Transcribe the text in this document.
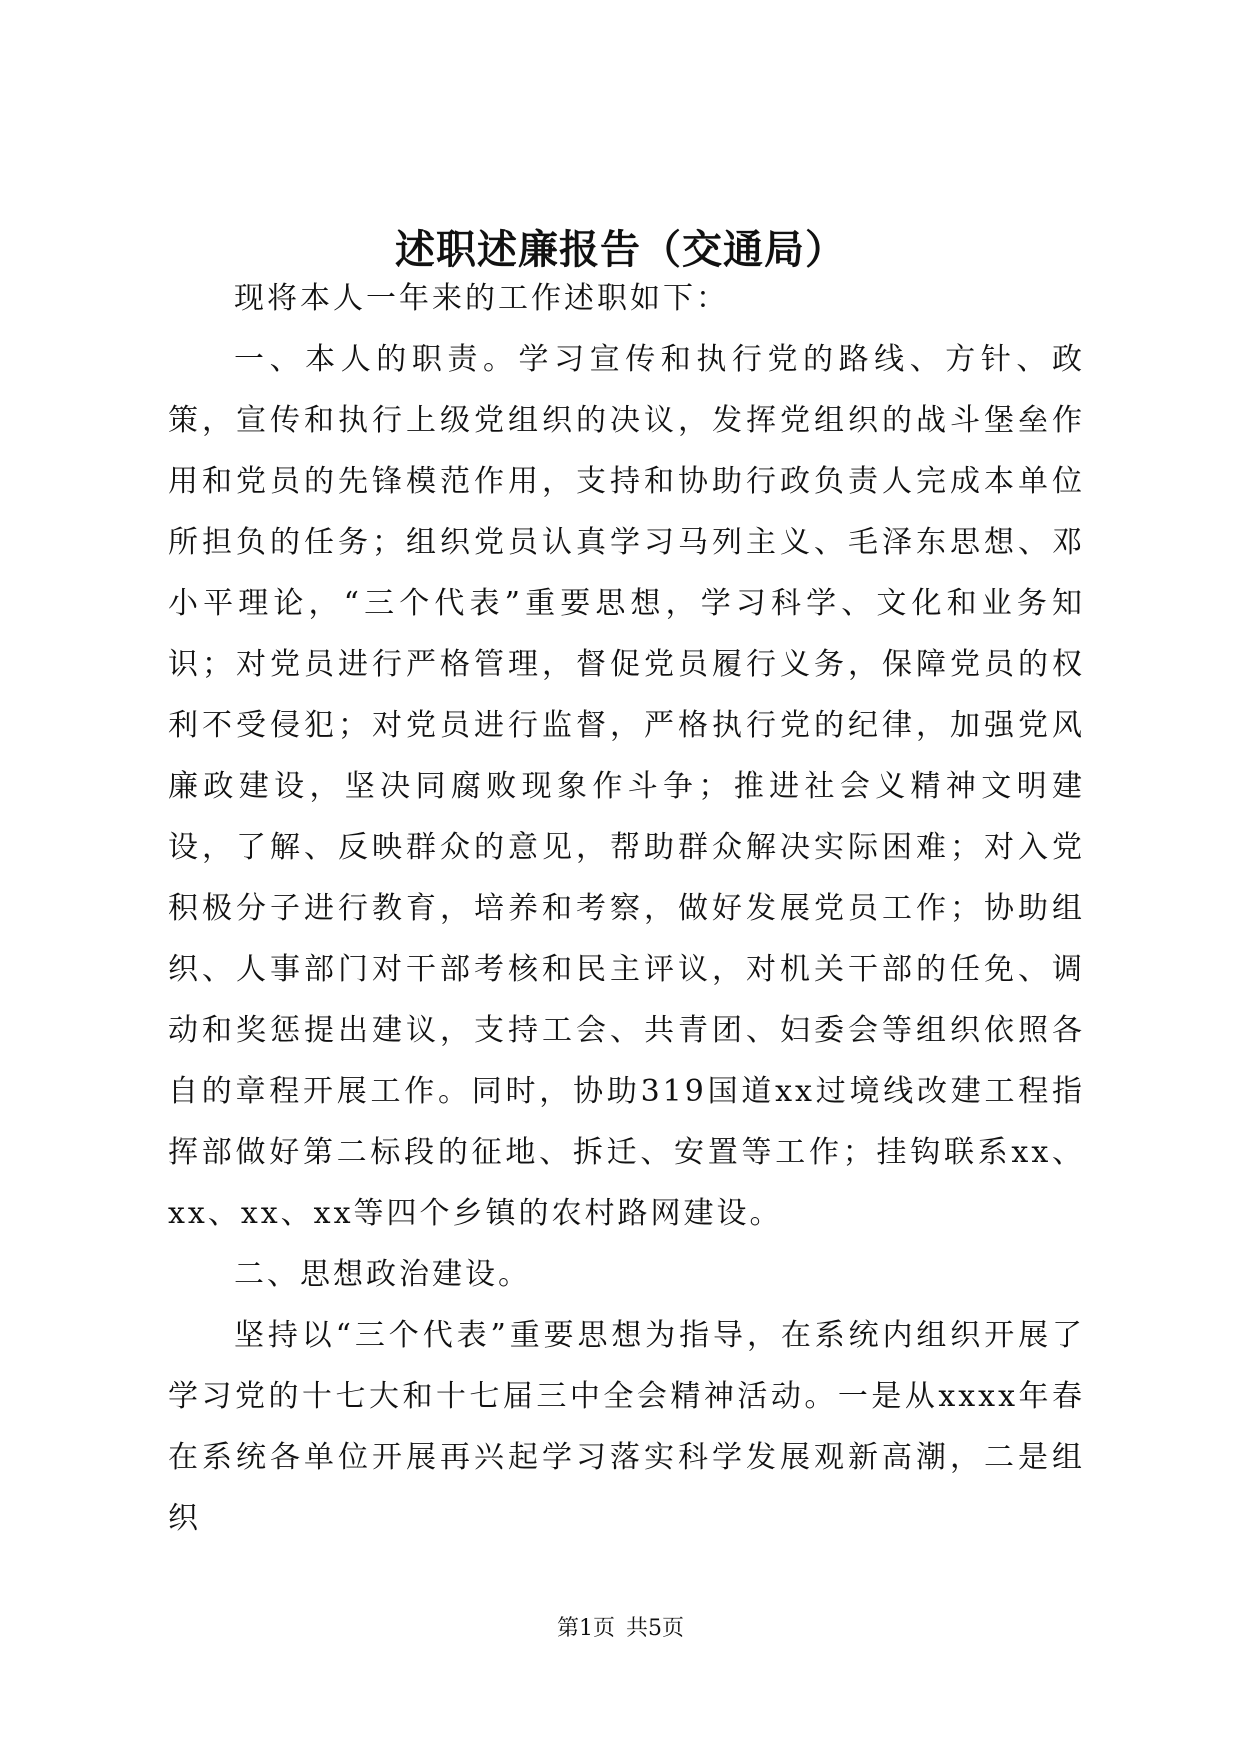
述职述廉报告（交通局）

现将本人一年来的工作述职如下：

一、本人的职责。学习宣传和执行党的路线、方针、政策，宣传和执行上级党组织的决议，发挥党组织的战斗堡垒作用和党员的先锋模范作用，支持和协助行政负责人完成本单位所担负的任务；组织党员认真学习马列主义、毛泽东思想、邓小平理论，“三个代表”重要思想，学习科学、文化和业务知识；对党员进行严格管理，督促党员履行义务，保障党员的权利不受侵犯；对党员进行监督，严格执行党的纪律，加强党风廉政建设，坚决同腐败现象作斗争；推进社会义精神文明建设，了解、反映群众的意见，帮助群众解决实际困难；对入党积极分子进行教育，培养和考察，做好发展党员工作；协助组织、人事部门对干部考核和民主评议，对机关干部的任免、调动和奖惩提出建议，支持工会、共青团、妇委会等组织依照各自的章程开展工作。同时，协助319国道xx过境线改建工程指挥部做好第二标段的征地、拆迁、安置等工作；挂钩联系xx、xx、xx、xx等四个乡镇的农村路网建设。

二、思想政治建设。

坚持以“三个代表”重要思想为指导，在系统内组织开展了学习党的十七大和十七届三中全会精神活动。一是从xxxx年春在系统各单位开展再兴起学习落实科学发展观新高潮，二是组织

第1页 共5页
